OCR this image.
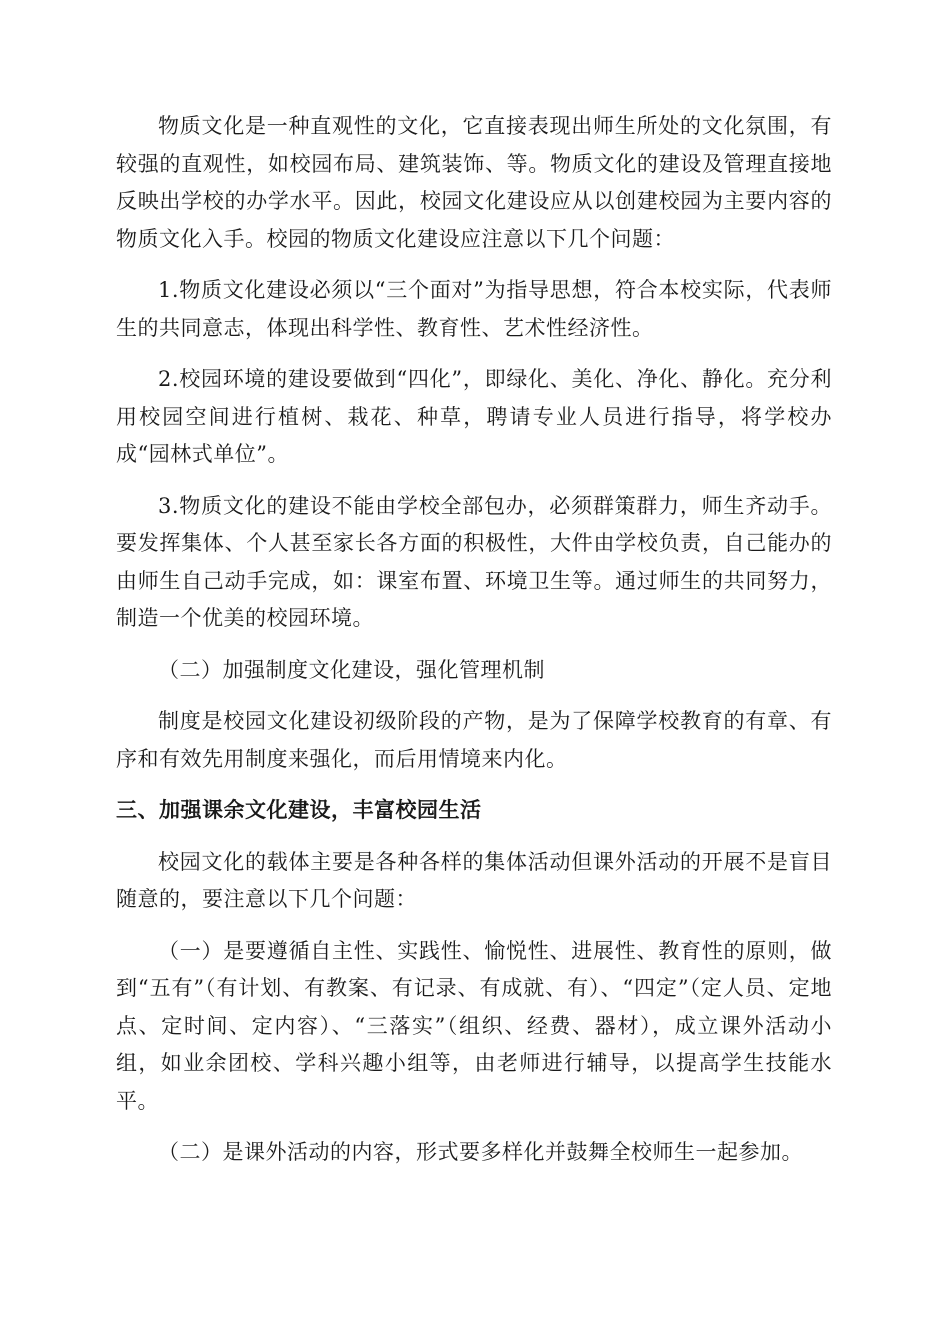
物质文化是一种直观性的文化，它直接表现出师生所处的文化氛围，有较强的直观性，如校园布局、建筑装饰、等。物质文化的建设及管理直接地反映出学校的办学水平。因此，校园文化建设应从以创建校园为主要内容的物质文化入手。校园的物质文化建设应注意以下几个问题：

1.物质文化建设必须以“三个面对”为指导思想，符合本校实际，代表师生的共同意志，体现出科学性、教育性、艺术性经济性。

2.校园环境的建设要做到“四化”，即绿化、美化、净化、静化。充分利用校园空间进行植树、栽花、种草，聘请专业人员进行指导，将学校办成“园林式单位”。

3.物质文化的建设不能由学校全部包办，必须群策群力，师生齐动手。要发挥集体、个人甚至家长各方面的积极性，大件由学校负责，自己能办的由师生自己动手完成，如：课室布置、环境卫生等。通过师生的共同努力，制造一个优美的校园环境。

（二）加强制度文化建设，强化管理机制

制度是校园文化建设初级阶段的产物，是为了保障学校教育的有章、有序和有效先用制度来强化，而后用情境来内化。

三、加强课余文化建设，丰富校园生活

校园文化的载体主要是各种各样的集体活动但课外活动的开展不是盲目随意的，要注意以下几个问题：

（一）是要遵循自主性、实践性、愉悦性、进展性、教育性的原则，做到“五有”（有计划、有教案、有记录、有成就、有）、“四定”（定人员、定地点、定时间、定内容）、“三落实”（组织、经费、器材），成立课外活动小组，如业余团校、学科兴趣小组等，由老师进行辅导，以提高学生技能水平。

（二）是课外活动的内容，形式要多样化并鼓舞全校师生一起参加。
